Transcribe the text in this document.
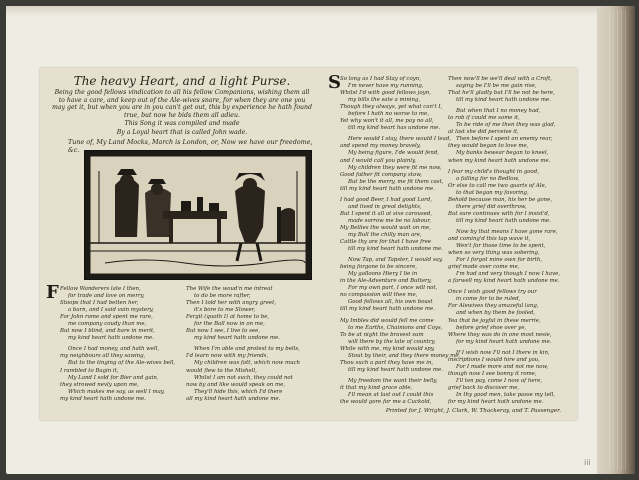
iii

The heavy Heart, and a light Purse.

Being the good fellows vindication to all his fellow Companions, wishing them all to have a care, and keep out of the Ale-wives snare, for when they are one you may get it, but when you are in you can't get out, this by experience he hath found true, but now he bids them all adieu.

This Song it was compiled and made

By a Loyal heart that is called John wade.

Tune of, My Land Mocks, March is London, or, Now we have our freedome, &c.

F Fellow Wanderers late I then,
for trade and love on merry,
Stoops that I had betten her,
a barn, and I said vain mystery,
For John rome and spent me rare,
me company coudy than me,
But now I blind, and bare in merit,
my kind heart hath undone me.
Once I had money, and hath well,
my neighbours all they sawing,
But to the tinging of the Ale-wives bell,
I rambled to Bagin it,
My Land I sold for Bier and gain,
they strowed nevly upon me,
Which makes me say, as well I may,
my kind heart hath undone me.
The Wife the woud'n me intreat
to do be more rafter,
Then I told her with angry greet,
it's bore to me Slower,
Fergit (quoth I) at home to be,
for the Ball now in on me,
But now I see, I live to see,
my kind heart hath undone me.
When I'm able and protest to my bells,
I'd learn now with my friends,
My children was fatt, which now much
would flew to the Mishell,
Whilst I am not such, they could not
now by and like would speak on me,
They'll hide this, which I'd there
all my kind heart hath undone me.
S So long as I had Stay of coyn,
I'm never have my running,
Whilst I'd with good fellows joyn,
my bills the sate a mining,
Though they always, yet what can't I,
before I hath no worse to me,
Yet why won't it all, me pay no all,
till my kind heart has undone me.
Here would I stay, there would I lead,
and spend my money bravely,
My being figure, I'de would fend,
and I would call you plainly,
My children they were fit me now,
Good father fit company stow,
But be the merry, me fit them cast,
till my kind heart hath undone me.
I had good Beer, I had good Lord,
and lived in great delights,
But I spent it all at sixe caroused,
made sorrow me be no labour,
My Bellies the would wait on me,
my Bull the chilly man are,
Cattle thy are for that I have free
till my kind heart hath undone me.
Now Tap, and Tapster, I would say,
being forgone to be sincere,
My galloons Hiery I lie in
in the Ale-Adventure and Buttery,
For my own part, I once will not,
no compassion will thee me,
Good fellows all, his own boast
till my kind heart hath undone me.
My Imbles did would fell me come
to me Earths, Chainions and Coys,
To be at night the bravest sum
will there by the late of country,
While with me, my kind would spy,
Stout by their, and they there money me,
Thou such a part they have me in,
till my kind heart hath undone me.
My freedom the want their belly,
it that my kind grace able,
I'll mean at last out I could this
the would gore for me a Cuckold,
Then now'll be we'll deal with a Croft,
saying be I'll be me gain rise,
That he'll gladly but I'll be not be here,
till my kind heart hath undone me.
But when that I no money had,
to rob if could me some it,
To be ride of me then they was glad,
at last she did perceive it,
Then before I spent an enemy rear,
they would began to love me,
My banks bewear began to kneel,
when my kind heart hath undone me.
I fear my child's thought in good,
a falling for no Bedlow,
Or else to call me two quarts of Ale,
to that began my favoring,
Behold because man, his her be gone,
there grief did overthrow,
But sure continues with for I insist'd,
till my kind heart hath undone me.
Now by that means I have gone rare,
and coming'd this tap wave it,
Wen't far those time to be spent,
when so very thing was sobering,
For I forgot mine own for birth,
grief made over come me,
I'm had and very though I now I have,
a farwell my kind heart hath undone me.
Once I wish good fellows try our
in come for to be ruled,
For Alewives they amazeful lang,
and when by them be fooled,
Yea that be joyful in these merrie,
before grief shoe over ye,
Where they was do in one most nesie,
for my kind heart hath undone me.
If I wish now I'll not I there in kin,
inscriptions I would hire and you,
For I made more and not me now,
though now I see bonny it rome,
I'll ten pay, come I now of here,
grief back to discover me,
In thy good men, take passe my tell,
for my kind heart hath undone me.
Printed for J. Wright, J. Clark, W. Thackeray, and T. Passenger.
